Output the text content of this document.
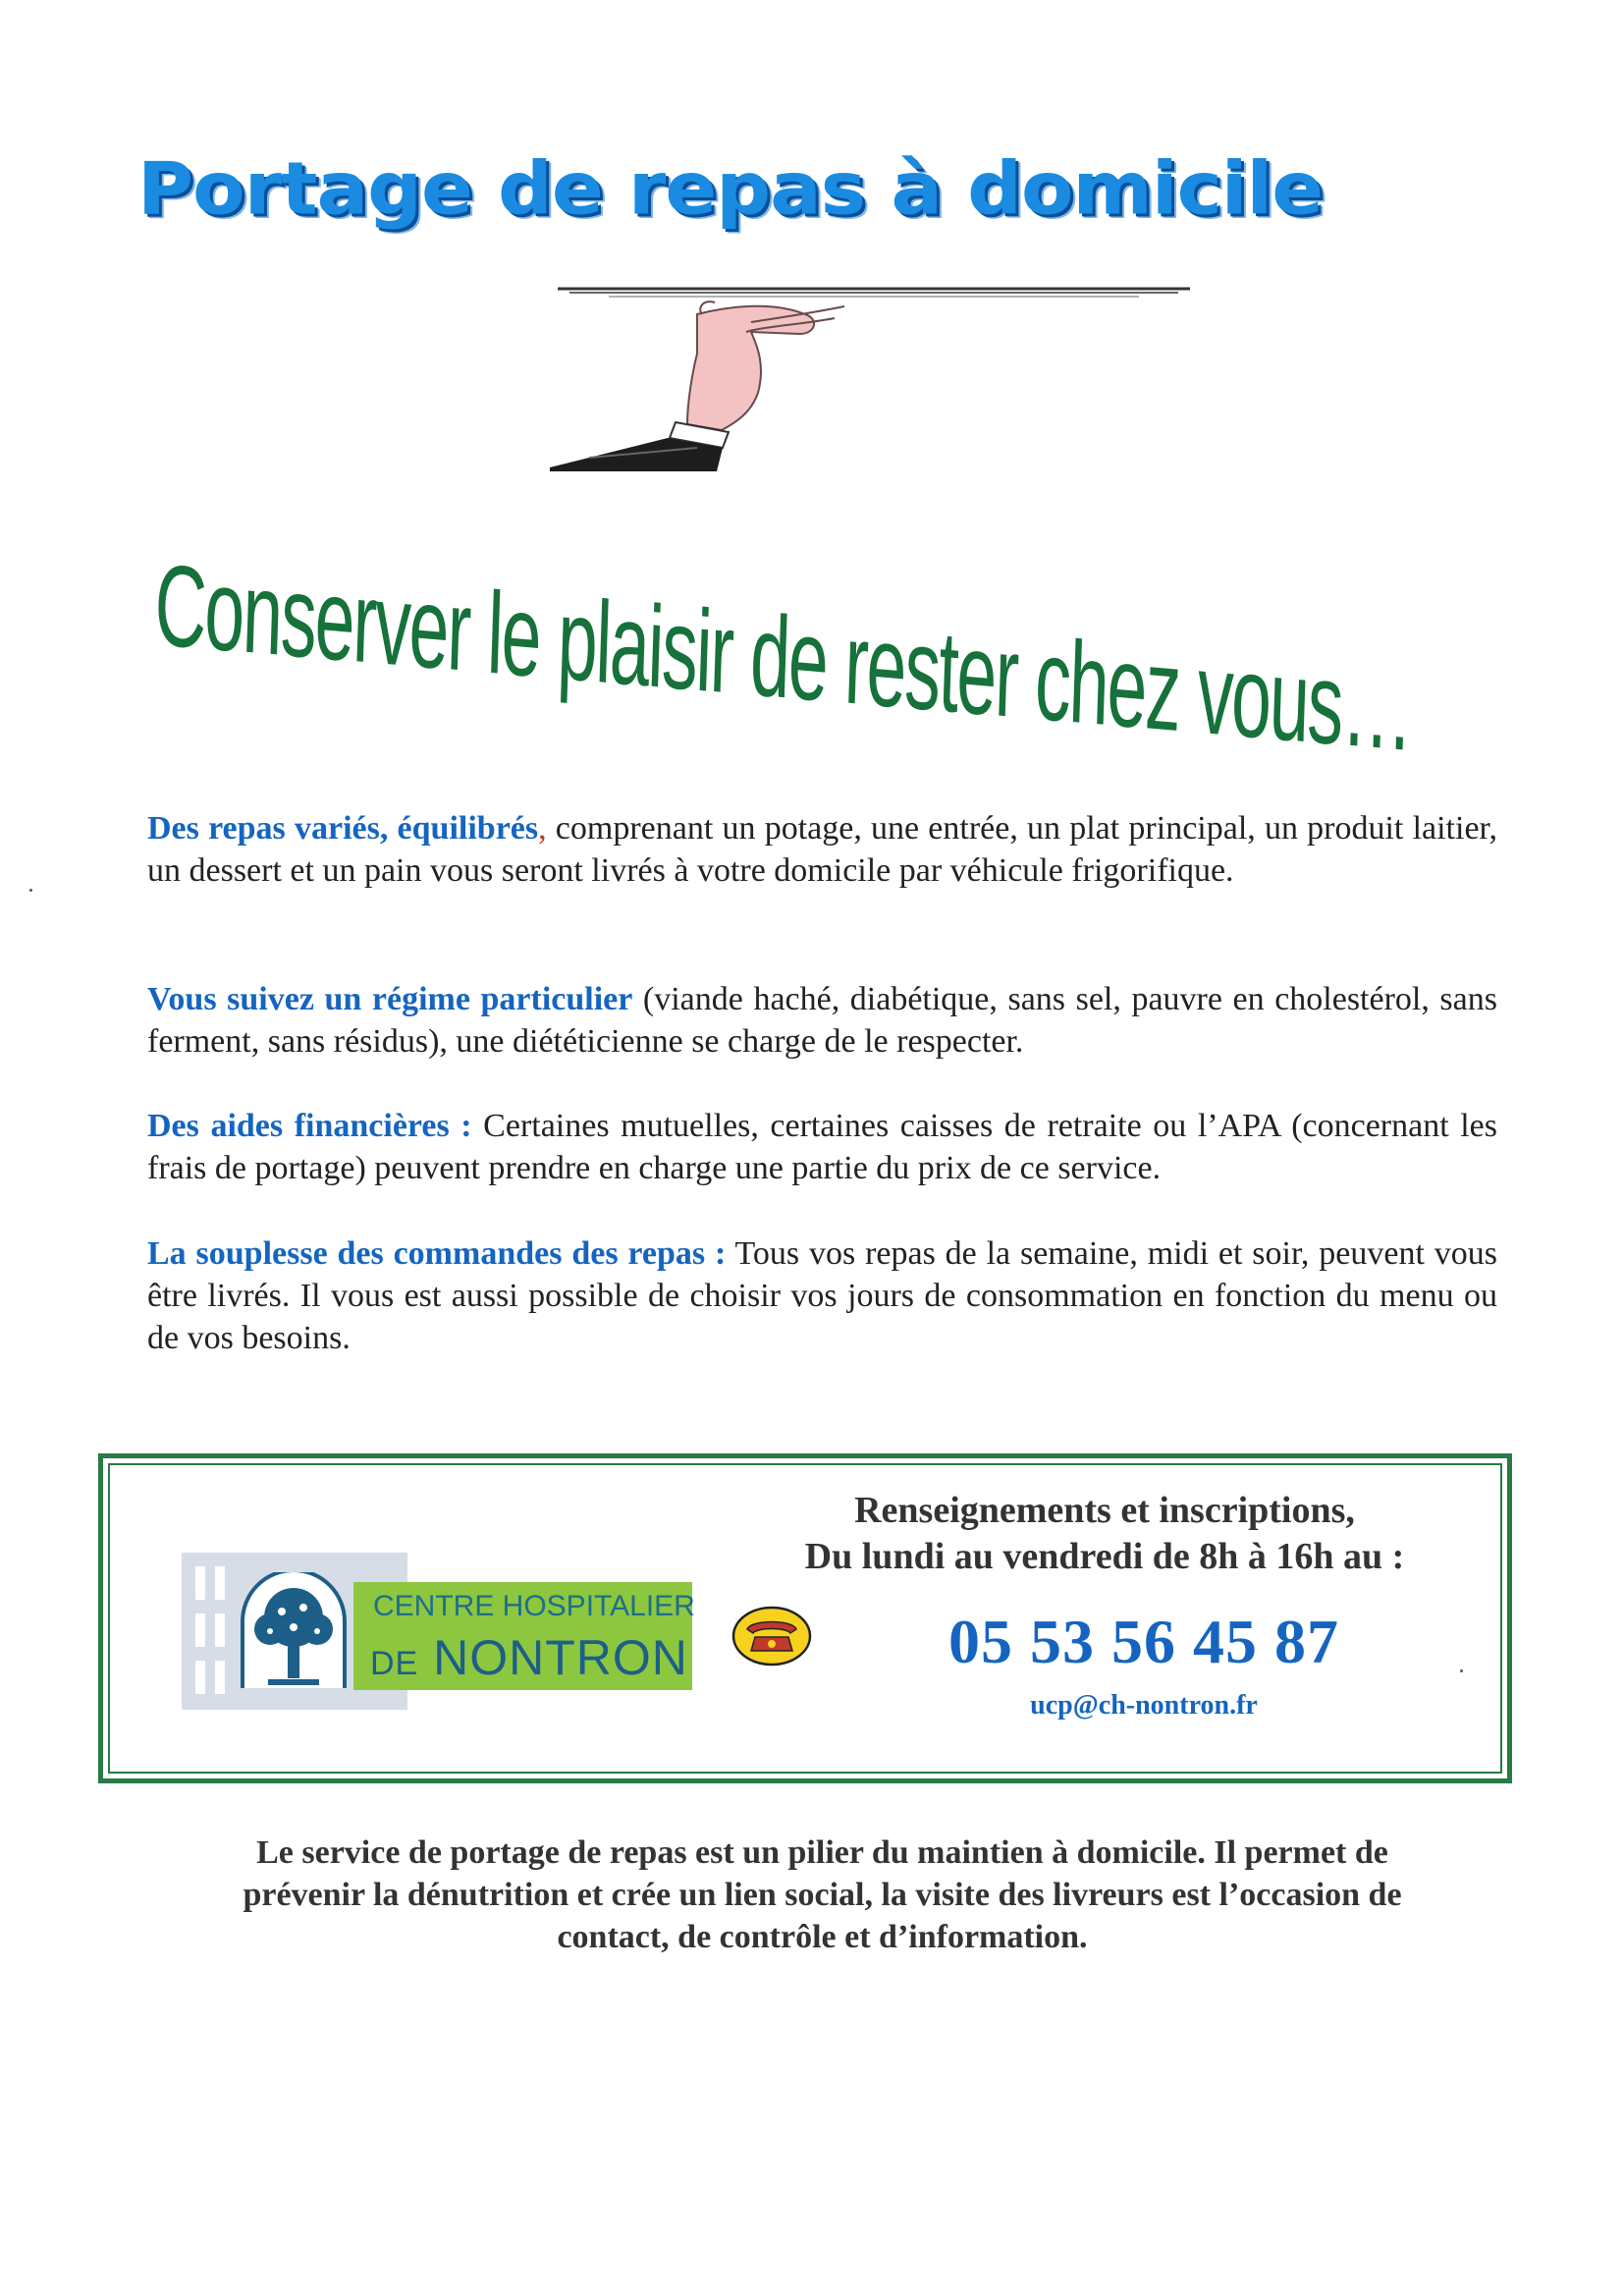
Portage de repas à domicile
Conserver le plaisir de rester chez vous…

Des repas variés, équilibrés, comprenant un potage, une entrée, un plat principal, un produit laitier, un dessert et un pain vous seront livrés à votre domicile par véhicule frigorifique.

Vous suivez un régime particulier (viande haché, diabétique, sans sel, pauvre en cholestérol, sans ferment, sans résidus), une diététicienne se charge de le respecter.

Des aides financières : Certaines mutuelles, certaines caisses de retraite ou l’APA (concernant les frais de portage) peuvent prendre en charge une partie du prix de ce service.

La souplesse des commandes des repas : Tous vos repas de la semaine, midi et soir, peuvent vous être livrés. Il vous est aussi possible de choisir vos jours de consommation en fonction du menu ou de vos besoins.

CENTRE HOSPITALIER
DE NONTRON
Renseignements et inscriptions,
Du lundi au vendredi de 8h à 16h au :
05 53 56 45 87
ucp@ch-nontron.fr
Le service de portage de repas est un pilier du maintien à domicile. Il permet de
prévenir la dénutrition et crée un lien social, la visite des livreurs est l’occasion de
contact, de contrôle et d’information.
